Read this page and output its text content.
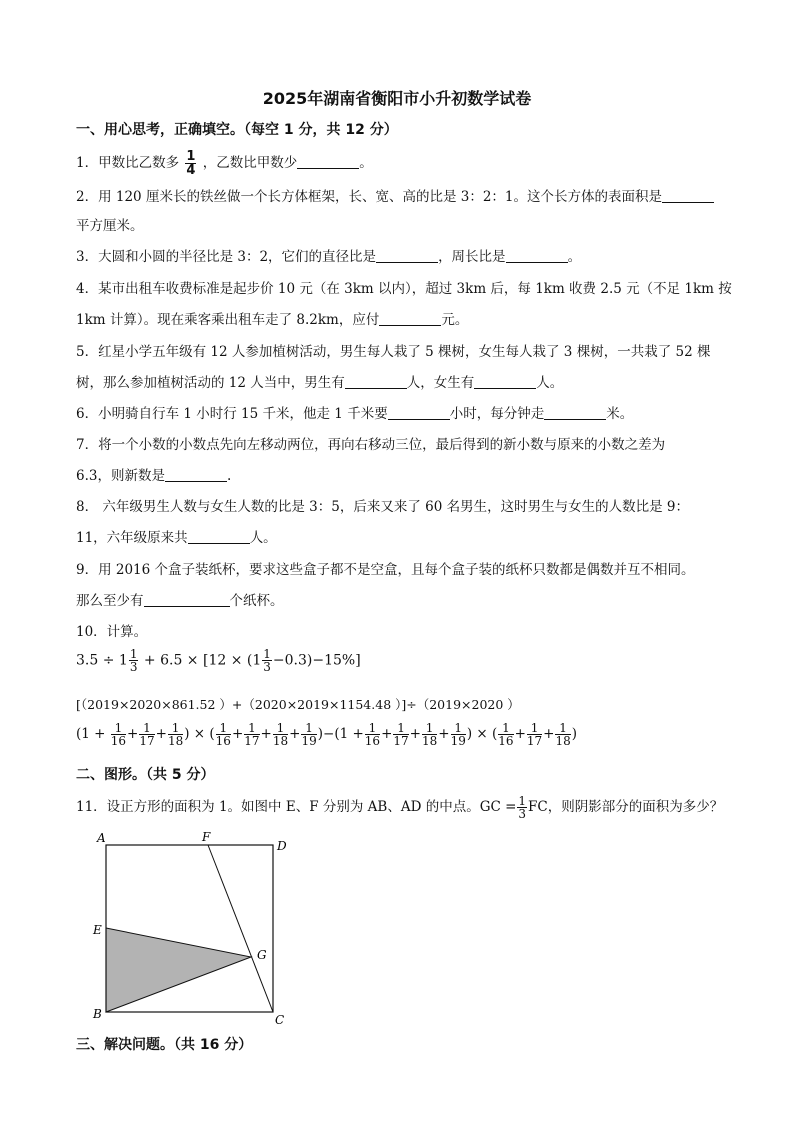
2025年湖南省衡阳市小升初数学试卷
一、用心思考，正确填空。（每空 1 分，共 12 分）
1．甲数比乙数多 $\frac{1}{4}$ ，乙数比甲数少	。
2．用 120 厘米长的铁丝做一个长方体框架，长、宽、高的比是 3：2：1。这个长方体的表面积是
平方厘米。
3．大圆和小圆的半径比是 3：2，它们的直径比是	，周长比是	。
4．某市出租车收费标准是起步价 10 元（在 3km 以内），超过 3km 后，每 1km 收费 2.5 元（不足 1km 按
1km 计算）。现在乘客乘出租车走了 8.2km，应付	元。
5．红星小学五年级有 12 人参加植树活动，男生每人栽了 5 棵树，女生每人栽了 3 棵树，一共栽了 52 棵
树，那么参加植树活动的 12 人当中，男生有	人，女生有	人。
6．小明骑自行车 1 小时行 15 千米，他走 1 千米要	小时，每分钟走	米。
7．将一个小数的小数点先向左移动两位，再向右移动三位，最后得到的新小数与原来的小数之差为
6.3，则新数是	.
8． 六年级男生人数与女生人数的比是 3：5，后来又来了 60 名男生，这时男生与女生的人数比是 9：
11，六年级原来共	人。
9．用 2016 个盒子装纸杯，要求这些盒子都不是空盒，且每个盒子装的纸杯只数都是偶数并互不相同。
那么至少有	个纸杯。
10．计算。
$3.5 \div 1 \frac{1}{3} + 6.5 \times [12 \times (1 \frac{1}{3} -0.3)-15\%]$
[（2019×2020×861.52 ）+（2020×2019×1154.48 ）]÷（2019×2020 ）
($1 + \frac{1}{16} + \frac{1}{17} + \frac{1}{18}$ ) × ( $\frac{1}{16} + \frac{1}{17} + \frac{1}{18} + \frac{1}{19} )-(1 + \frac{1}{16} + \frac{1}{17} + \frac{1}{18} + \frac{1}{19}$ ) × ( $\frac{1}{16} + \frac{1}{17} + \frac{1}{18}$ )
二、图形。（共 5 分）
11．设正方形的面积为 1。如图中 E、F 分别为 AB、AD 的中点。GC = $\frac{1}{3}$ FC，则阴影部分的面积为多少？
A	F
D
E
G
B	C
三、解决问题。（共 16 分）
